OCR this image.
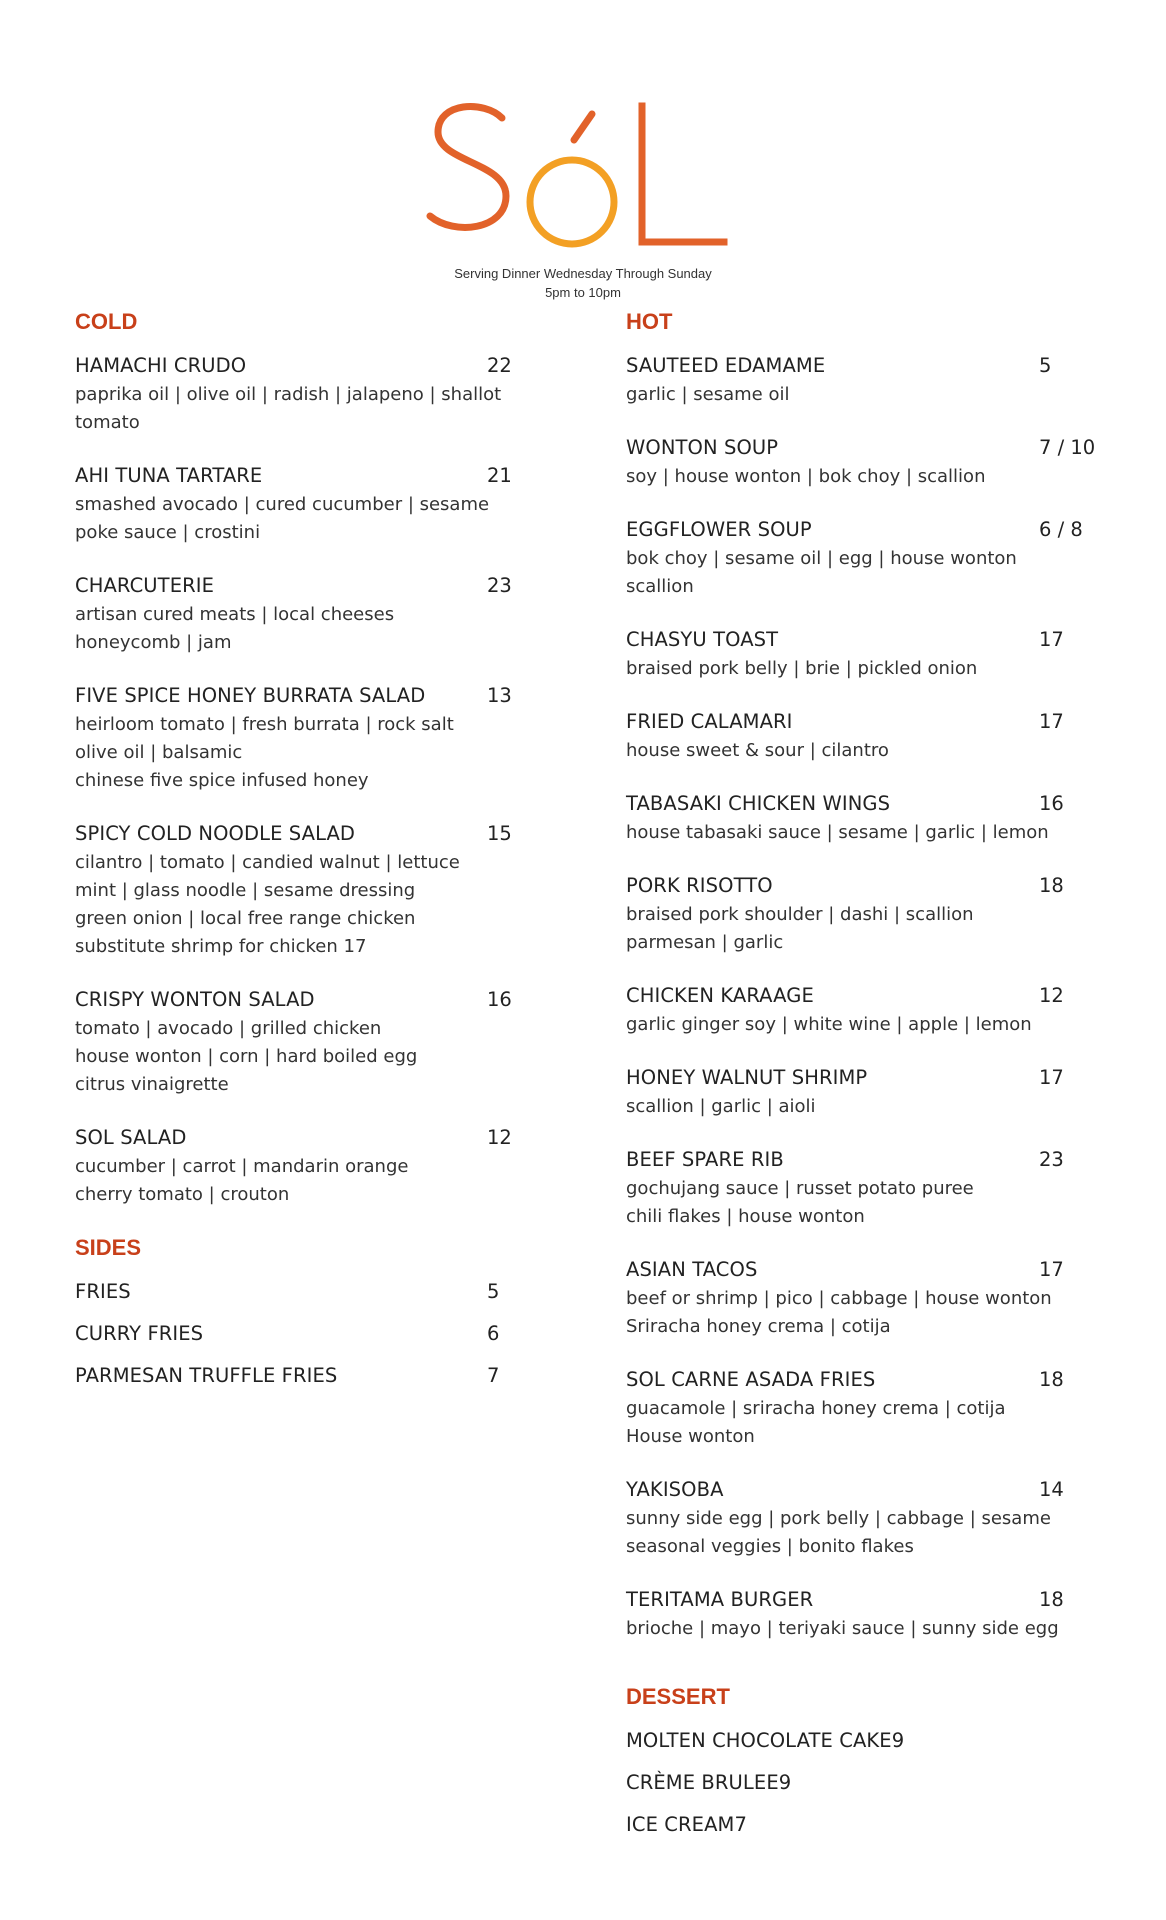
Serving Dinner Wednesday Through Sunday
5pm to 10pm
COLD
HAMACHI CRUDO	22
paprika oil | olive oil | radish | jalapeno | shallot
tomato
AHI TUNA TARTARE	21
smashed avocado | cured cucumber | sesame
poke sauce | crostini
CHARCUTERIE	23
artisan cured meats | local cheeses
honeycomb | jam
FIVE SPICE HONEY BURRATA SALAD	13
heirloom tomato | fresh burrata | rock salt
olive oil | balsamic
chinese five spice infused honey
SPICY COLD NOODLE SALAD	15
cilantro | tomato | candied walnut | lettuce
mint | glass noodle | sesame dressing
green onion | local free range chicken
substitute shrimp for chicken 17
CRISPY WONTON SALAD	16
tomato | avocado | grilled chicken
house wonton | corn | hard boiled egg
citrus vinaigrette
SOL SALAD	12
cucumber | carrot | mandarin orange
cherry tomato | crouton
SIDES
FRIES	5
CURRY FRIES	6
PARMESAN TRUFFLE FRIES	7
HOT
SAUTEED EDAMAME	5
garlic | sesame oil
WONTON SOUP	7 / 10
soy | house wonton | bok choy | scallion
EGGFLOWER SOUP	6 / 8
bok choy | sesame oil | egg | house wonton
scallion
CHASYU TOAST	17
braised pork belly | brie | pickled onion
FRIED CALAMARI	17
house sweet & sour | cilantro
TABASAKI CHICKEN WINGS	16
house tabasaki sauce | sesame | garlic | lemon
PORK RISOTTO	18
braised pork shoulder | dashi | scallion
parmesan | garlic
CHICKEN KARAAGE	12
garlic ginger soy | white wine | apple | lemon
HONEY WALNUT SHRIMP	17
scallion | garlic | aioli
BEEF SPARE RIB	23
gochujang sauce | russet potato puree
chili flakes | house wonton
ASIAN TACOS	17
beef or shrimp | pico | cabbage | house wonton
Sriracha honey crema | cotija
SOL CARNE ASADA FRIES	18
guacamole | sriracha honey crema | cotija
House wonton
YAKISOBA	14
sunny side egg | pork belly | cabbage | sesame
seasonal veggies | bonito flakes
TERITAMA BURGER	18
brioche | mayo | teriyaki sauce | sunny side egg
DESSERT
MOLTEN CHOCOLATE CAKE 9
CRÈME BRULEE 9
ICE CREAM 7
